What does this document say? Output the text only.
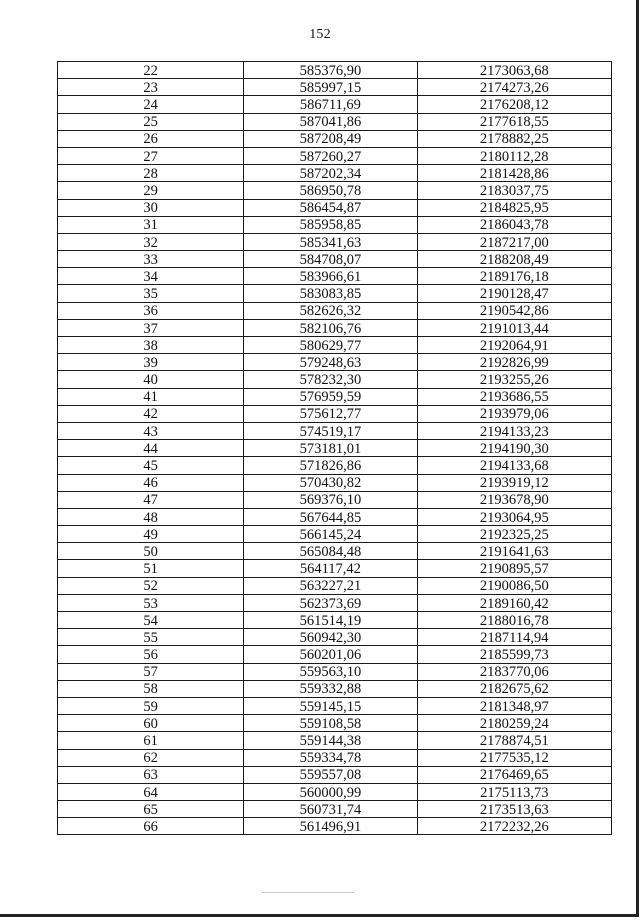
152
22	585376,90	2173063,68
23	585997,15	2174273,26
24	586711,69	2176208,12
25	587041,86	2177618,55
26	587208,49	2178882,25
27	587260,27	2180112,28
28	587202,34	2181428,86
29	586950,78	2183037,75
30	586454,87	2184825,95
31	585958,85	2186043,78
32	585341,63	2187217,00
33	584708,07	2188208,49
34	583966,61	2189176,18
35	583083,85	2190128,47
36	582626,32	2190542,86
37	582106,76	2191013,44
38	580629,77	2192064,91
39	579248,63	2192826,99
40	578232,30	2193255,26
41	576959,59	2193686,55
42	575612,77	2193979,06
43	574519,17	2194133,23
44	573181,01	2194190,30
45	571826,86	2194133,68
46	570430,82	2193919,12
47	569376,10	2193678,90
48	567644,85	2193064,95
49	566145,24	2192325,25
50	565084,48	2191641,63
51	564117,42	2190895,57
52	563227,21	2190086,50
53	562373,69	2189160,42
54	561514,19	2188016,78
55	560942,30	2187114,94
56	560201,06	2185599,73
57	559563,10	2183770,06
58	559332,88	2182675,62
59	559145,15	2181348,97
60	559108,58	2180259,24
61	559144,38	2178874,51
62	559334,78	2177535,12
63	559557,08	2176469,65
64	560000,99	2175113,73
65	560731,74	2173513,63
66	561496,91	2172232,26
